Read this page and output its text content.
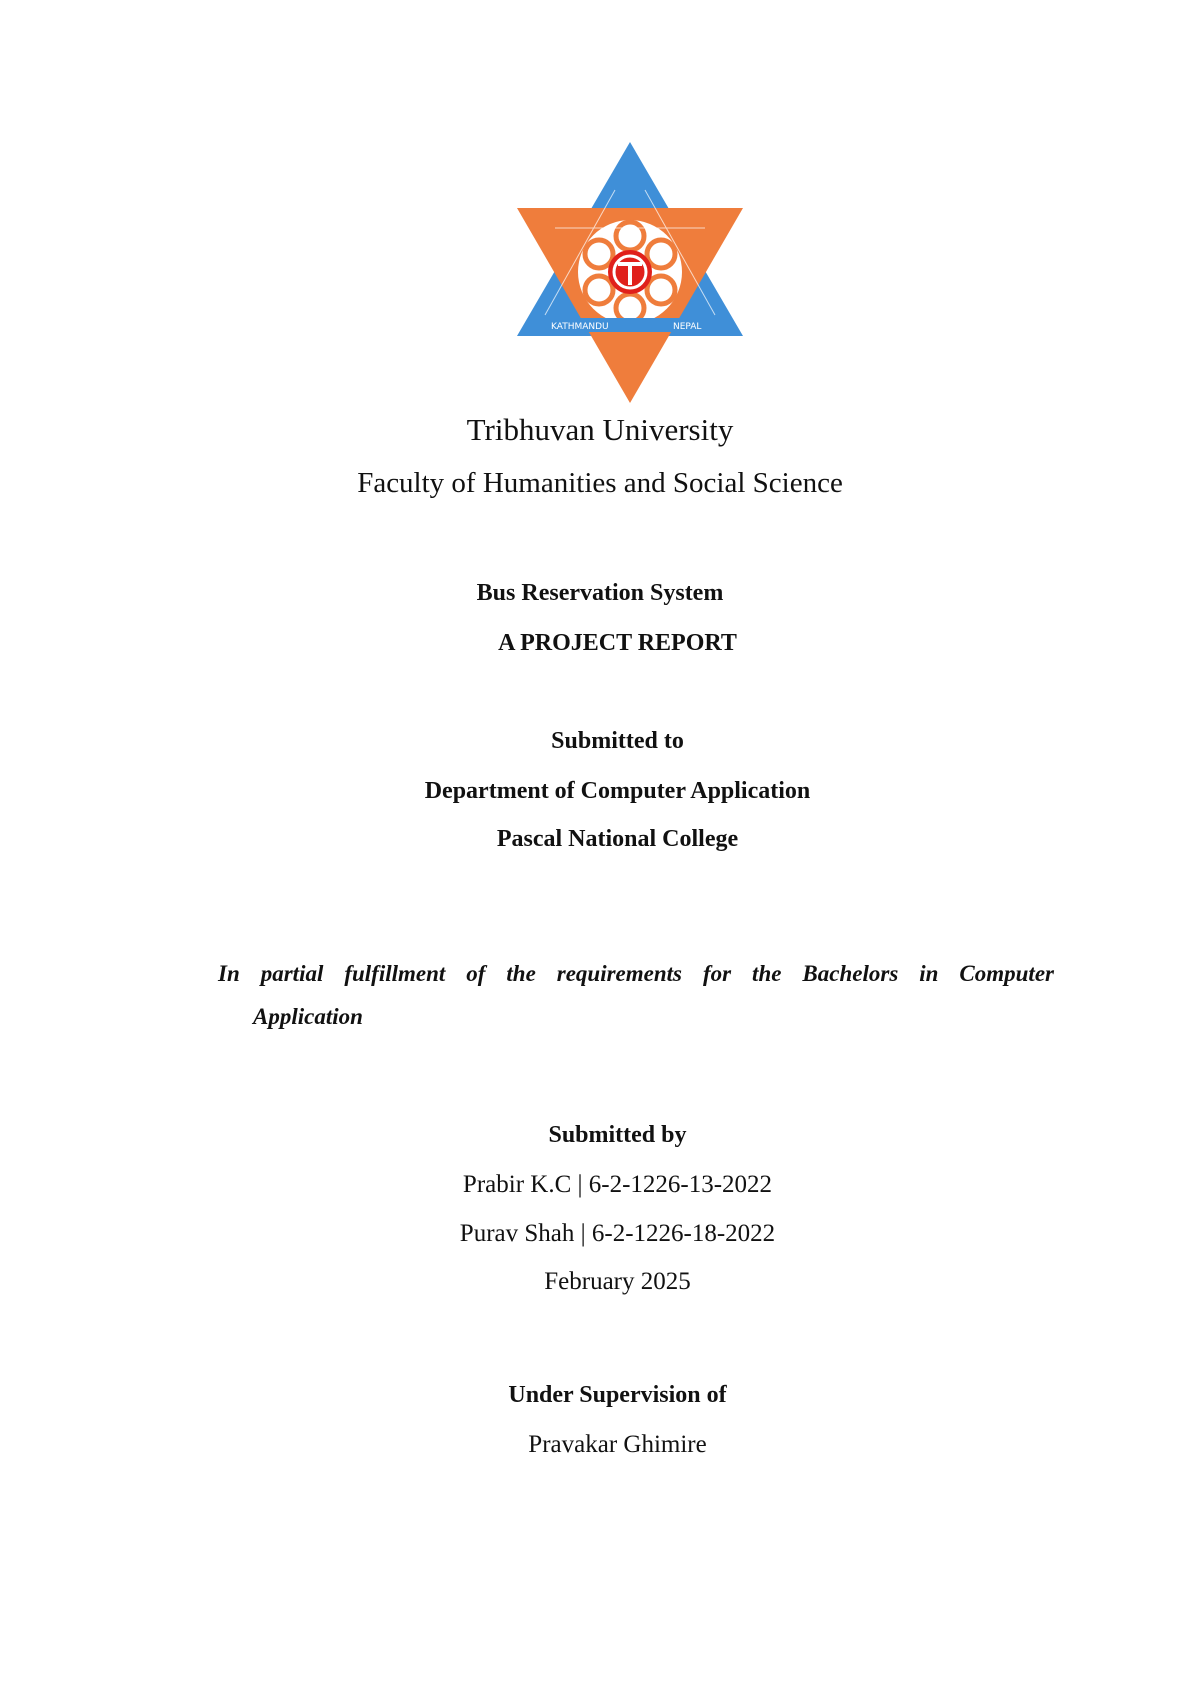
KATHMANDU	NEPAL
Tribhuvan University
Faculty of Humanities and Social Science
Bus Reservation System
A PROJECT REPORT
Submitted to
Department of Computer Application
Pascal National College
In partial fulfillment of the requirements for the Bachelors in Computer
Application
Submitted by
Prabir K.C | 6-2-1226-13-2022
Purav Shah | 6-2-1226-18-2022
February 2025
Under Supervision of
Pravakar Ghimire
